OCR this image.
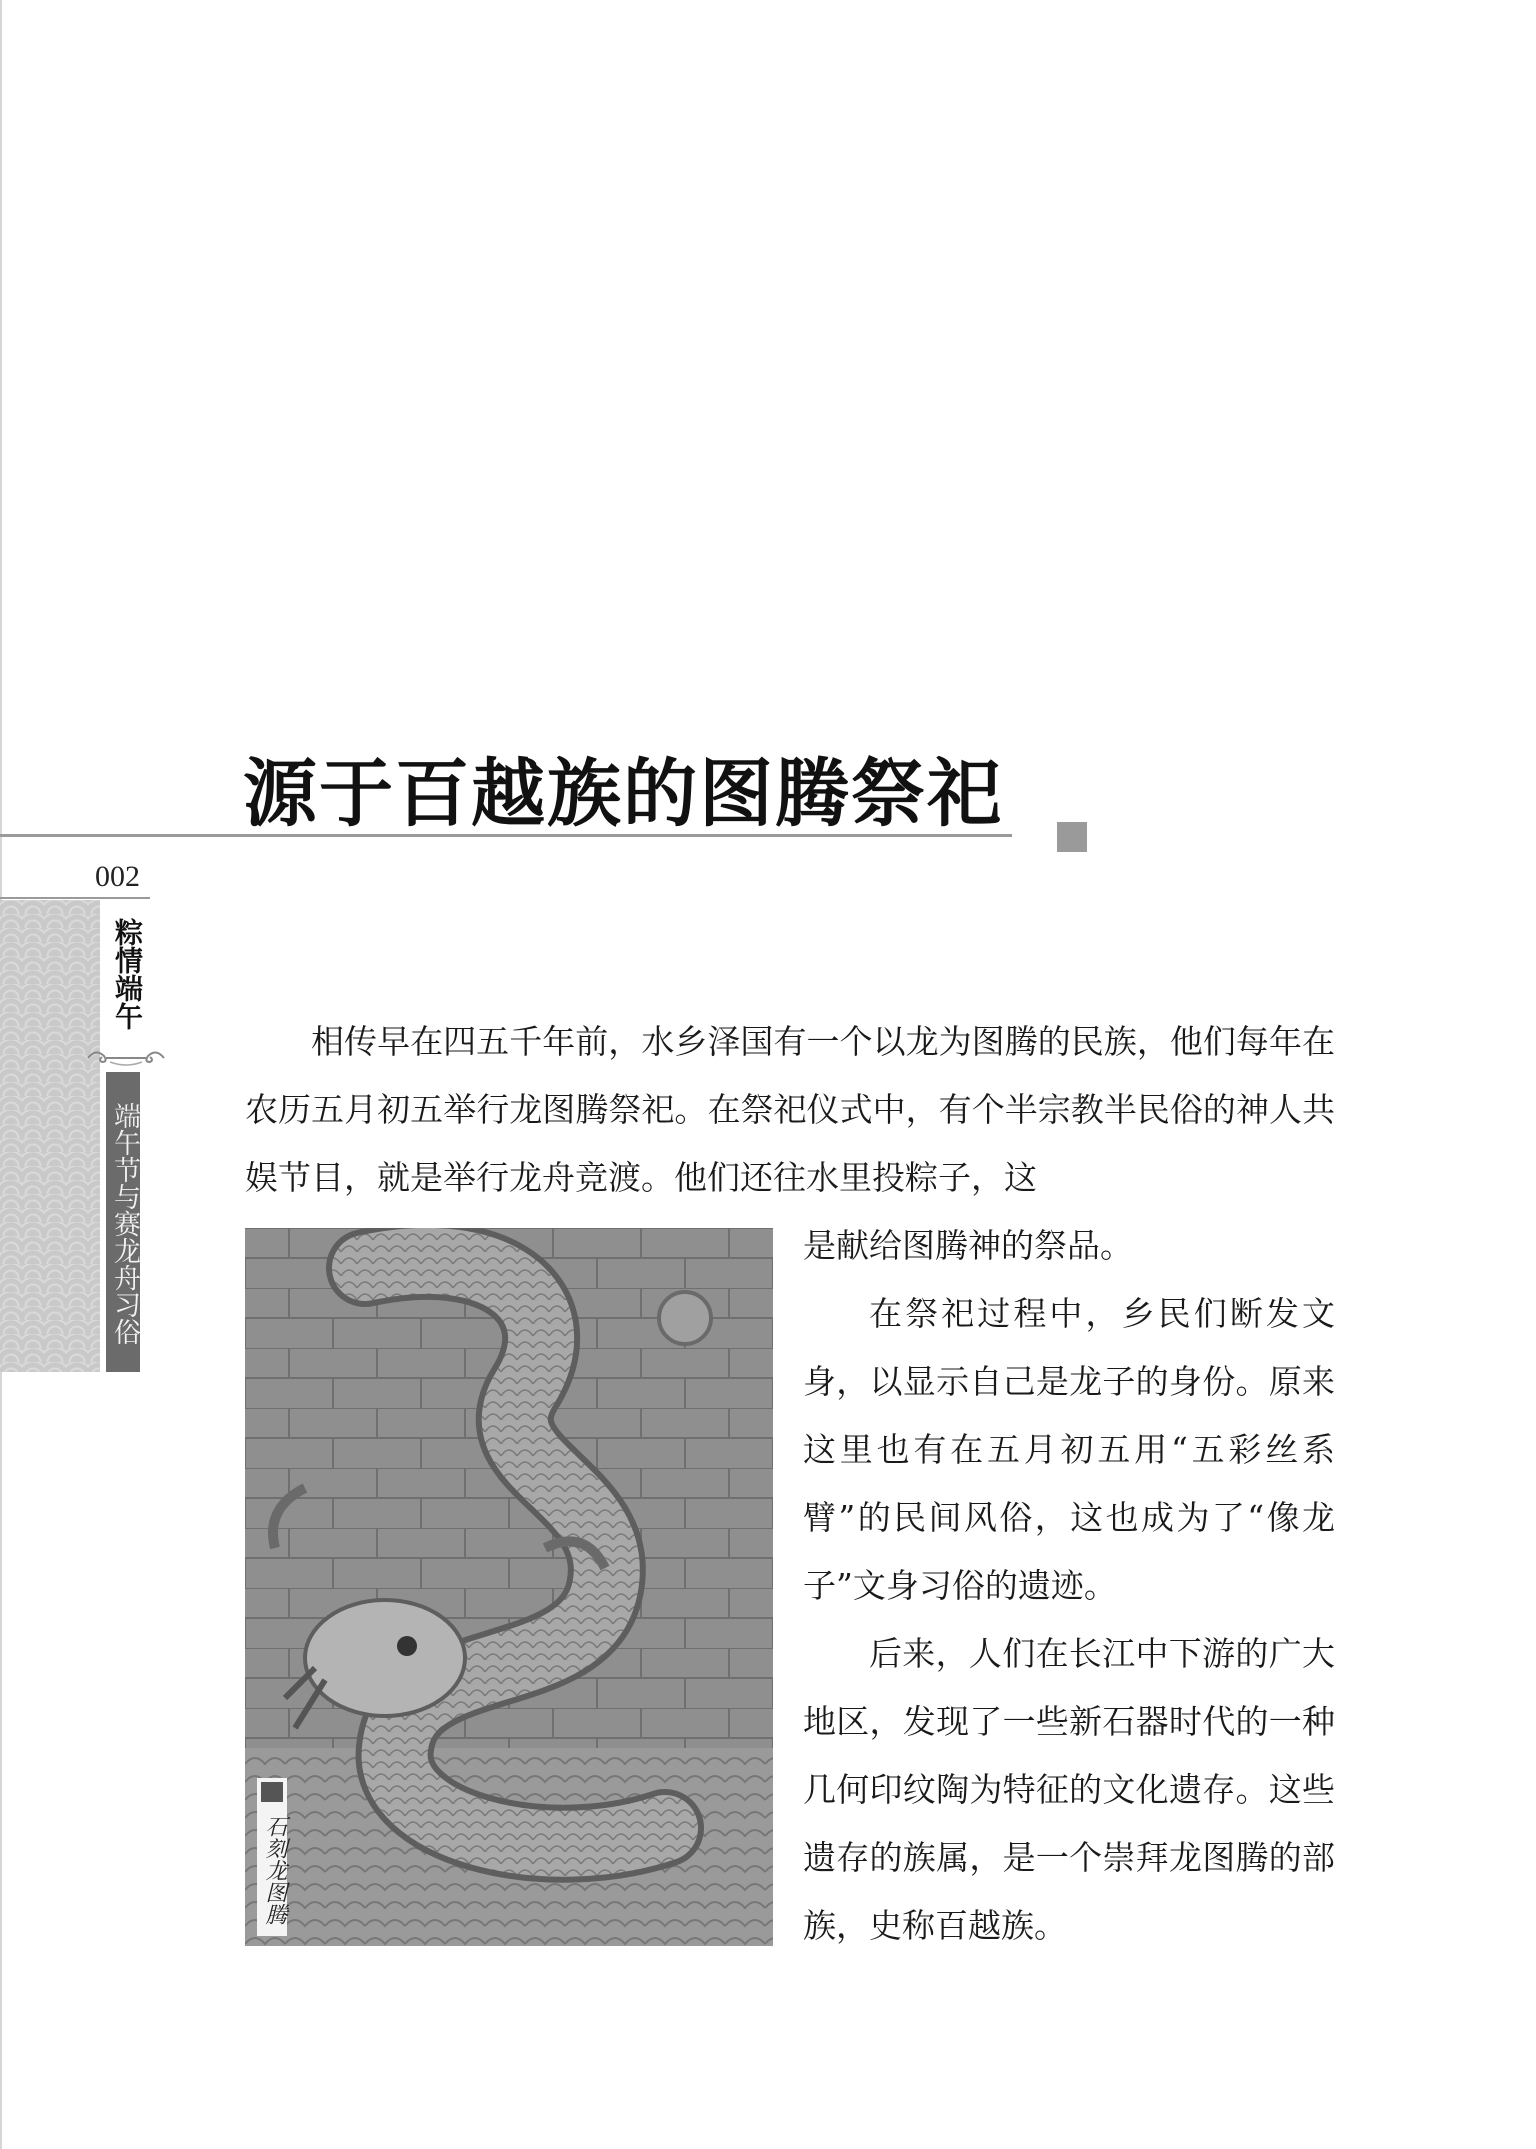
源于百越族的图腾祭祀
002
粽情端午
端午节与赛龙舟习俗

相传早在四五千年前，水乡泽国有一个以龙为图腾的民族，他们每年在农历五月初五举行龙图腾祭祀。在祭祀仪式中，有个半宗教半民俗的神人共娱节目，就是举行龙舟竞渡。他们还往水里投粽子，这

是献给图腾神的祭品。

在祭祀过程中，乡民们断发文身，以显示自己是龙子的身份。原来这里也有在五月初五用“五彩丝系臂”的民间风俗，这也成为了“像龙子”文身习俗的遗迹。

后来，人们在长江中下游的广大地区，发现了一些新石器时代的一种几何印纹陶为特征的文化遗存。这些遗存的族属，是一个崇拜龙图腾的部族，史称百越族。

石刻龙图腾
